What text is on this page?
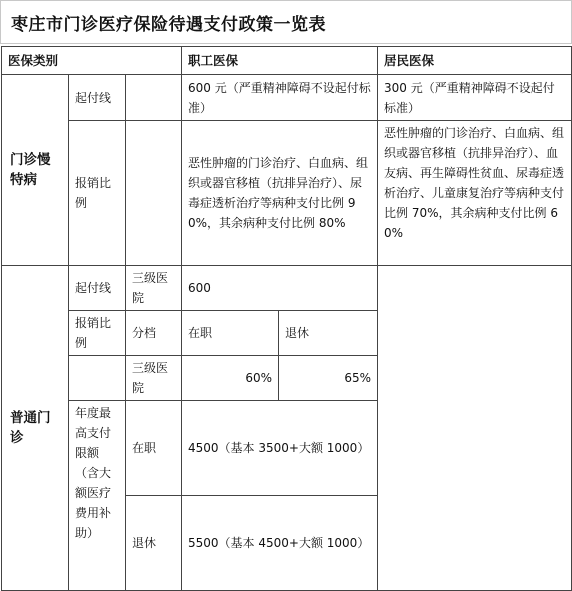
枣庄市门诊医疗保险待遇支付政策一览表
医保类别			职工医保		居民医保
门诊慢特病	起付线		600 元（严重精神障碍不设起付标准）		300 元（严重精神障碍不设起付标准）
	报销比例		恶性肿瘤的门诊治疗、白血病、组织或器官移植（抗排异治疗）、尿毒症透析治疗等病种支付比例 90%，其余病种支付比例 80%		恶性肿瘤的门诊治疗、白血病、组织或器官移植（抗排异治疗）、血友病、再生障碍性贫血、尿毒症透析治疗、儿童康复治疗等病种支付比例 70%，其余病种支付比例 60%
普通门诊	起付线	三级医院	600		
	报销比例	分档	在职	退休	
		三级医院	60%	65%	
	年度最高支付限额（含大额医疗费用补助）	在职	4500（基本 3500+大额 1000）		
		退休	5500（基本 4500+大额 1000）		
